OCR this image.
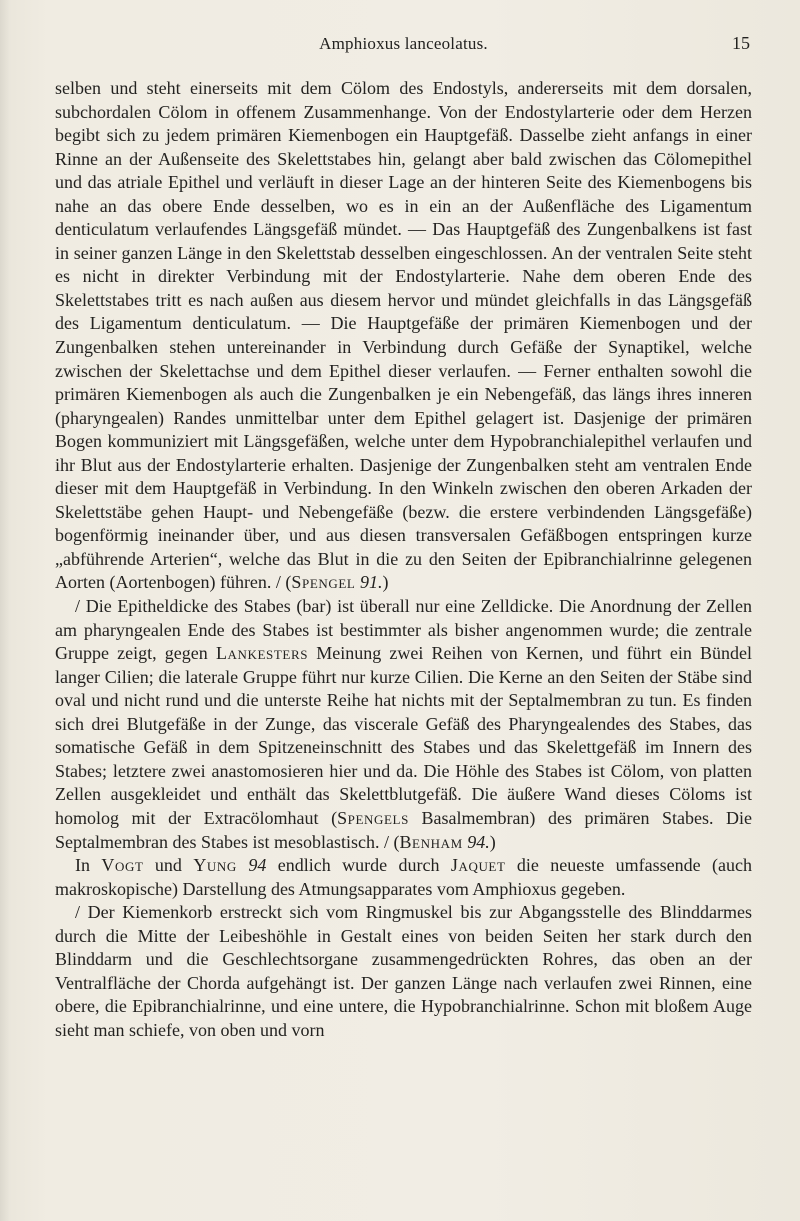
Amphioxus lanceolatus.	15

selben und steht einerseits mit dem Cölom des Endostyls, andererseits mit dem dorsalen, subchordalen Cölom in offenem Zusammenhange. Von der Endostylarterie oder dem Herzen begibt sich zu jedem primären Kiemenbogen ein Hauptgefäß. Dasselbe zieht anfangs in einer Rinne an der Außenseite des Skelettstabes hin, gelangt aber bald zwischen das Cölomepithel und das atriale Epithel und verläuft in dieser Lage an der hinteren Seite des Kiemenbogens bis nahe an das obere Ende desselben, wo es in ein an der Außenfläche des Ligamentum denticulatum verlaufendes Längsgefäß mündet. — Das Hauptgefäß des Zungenbalkens ist fast in seiner ganzen Länge in den Skelettstab desselben eingeschlossen. An der ventralen Seite steht es nicht in direkter Verbindung mit der Endostylarterie. Nahe dem oberen Ende des Skelettstabes tritt es nach außen aus diesem hervor und mündet gleichfalls in das Längsgefäß des Ligamentum denticulatum. — Die Hauptgefäße der primären Kiemenbogen und der Zungenbalken stehen untereinander in Verbindung durch Gefäße der Synaptikel, welche zwischen der Skelettachse und dem Epithel dieser verlaufen. — Ferner enthalten sowohl die primären Kiemenbogen als auch die Zungenbalken je ein Nebengefäß, das längs ihres inneren (pharyngealen) Randes unmittelbar unter dem Epithel gelagert ist. Dasjenige der primären Bogen kommuniziert mit Längsgefäßen, welche unter dem Hypobranchialepithel verlaufen und ihr Blut aus der Endostylarterie erhalten. Dasjenige der Zungenbalken steht am ventralen Ende dieser mit dem Hauptgefäß in Verbindung. In den Winkeln zwischen den oberen Arkaden der Skelettstäbe gehen Haupt- und Nebengefäße (bezw. die erstere verbindenden Längsgefäße) bogenförmig ineinander über, und aus diesen transversalen Gefäßbogen entspringen kurze „abführende Arterien“, welche das Blut in die zu den Seiten der Epibranchialrinne gelegenen Aorten (Aortenbogen) führen. / (Spengel 91.)

/ Die Epitheldicke des Stabes (bar) ist überall nur eine Zelldicke. Die Anordnung der Zellen am pharyngealen Ende des Stabes ist bestimmter als bisher angenommen wurde; die zentrale Gruppe zeigt, gegen Lankesters Meinung zwei Reihen von Kernen, und führt ein Bündel langer Cilien; die laterale Gruppe führt nur kurze Cilien. Die Kerne an den Seiten der Stäbe sind oval und nicht rund und die unterste Reihe hat nichts mit der Septalmembran zu tun. Es finden sich drei Blutgefäße in der Zunge, das viscerale Gefäß des Pharyngealendes des Stabes, das somatische Gefäß in dem Spitzeneinschnitt des Stabes und das Skelettgefäß im Innern des Stabes; letztere zwei anastomosieren hier und da. Die Höhle des Stabes ist Cölom, von platten Zellen ausgekleidet und enthält das Skelettblutgefäß. Die äußere Wand dieses Cöloms ist homolog mit der Extracölomhaut (Spengels Basalmembran) des primären Stabes. Die Septalmembran des Stabes ist mesoblastisch. / (Benham 94.)

In Vogt und Yung 94 endlich wurde durch Jaquet die neueste umfassende (auch makroskopische) Darstellung des Atmungsapparates vom Amphioxus gegeben.

/ Der Kiemenkorb erstreckt sich vom Ringmuskel bis zur Abgangsstelle des Blinddarmes durch die Mitte der Leibeshöhle in Gestalt eines von beiden Seiten her stark durch den Blinddarm und die Geschlechtsorgane zusammengedrückten Rohres, das oben an der Ventralfläche der Chorda aufgehängt ist. Der ganzen Länge nach verlaufen zwei Rinnen, eine obere, die Epibranchialrinne, und eine untere, die Hypobranchialrinne. Schon mit bloßem Auge sieht man schiefe, von oben und vorn
